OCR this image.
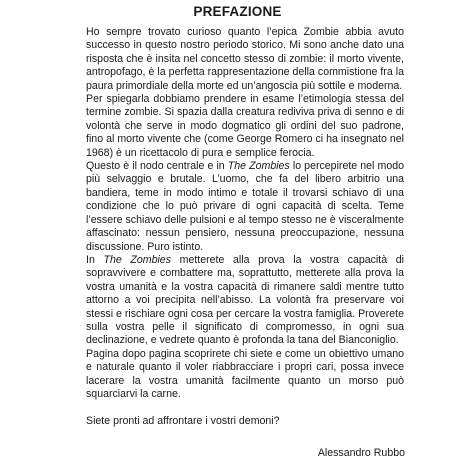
PREFAZIONE

Ho sempre trovato curioso quanto l’epica Zombie abbia avuto successo in questo nostro periodo storico. Mi sono anche dato una risposta che è insita nel concetto stesso di zombie: il morto vivente, antropofago, è la perfetta rappresentazione della commistione fra la paura primordiale della morte ed un’angoscia più sottile e moderna.

Per spiegarla dobbiamo prendere in esame l’etimologia stessa del termine zombie. Si spazia dalla creatura rediviva priva di senno e di volontà che serve in modo dogmatico gli ordini del suo padrone, fino al morto vivente che (come George Romero ci ha insegnato nel 1968) è un ricettacolo di pura e semplice ferocia.

Questo è il nodo centrale e in The Zombies lo percepirete nel modo più selvaggio e brutale. L’uomo, che fa del libero arbitrio una bandiera, teme in modo intimo e totale il trovarsi schiavo di una condizione che lo può privare di ogni capacità di scelta. Teme l’essere schiavo delle pulsioni e al tempo stesso ne è visceralmente affascinato: nessun pensiero, nessuna preoccupazione, nessuna discussione. Puro istinto.

In The Zombies metterete alla prova la vostra capacità di sopravvivere e combattere ma, soprattutto, metterete alla prova la vostra umanità e la vostra capacità di rimanere saldi mentre tutto attorno a voi precipita nell’abisso. La volontà fra preservare voi stessi e rischiare ogni cosa per cercare la vostra famiglia. Proverete sulla vostra pelle il significato di compromesso, in ogni sua declinazione, e vedrete quanto è profonda la tana del Bianconiglio.

Pagina dopo pagina scoprirete chi siete e come un obiettivo umano e naturale quanto il voler riabbracciare i propri cari, possa invece lacerare la vostra umanità facilmente quanto un morso può squarciarvi la carne.

Siete pronti ad affrontare i vostri demoni?

Alessandro Rubbo
